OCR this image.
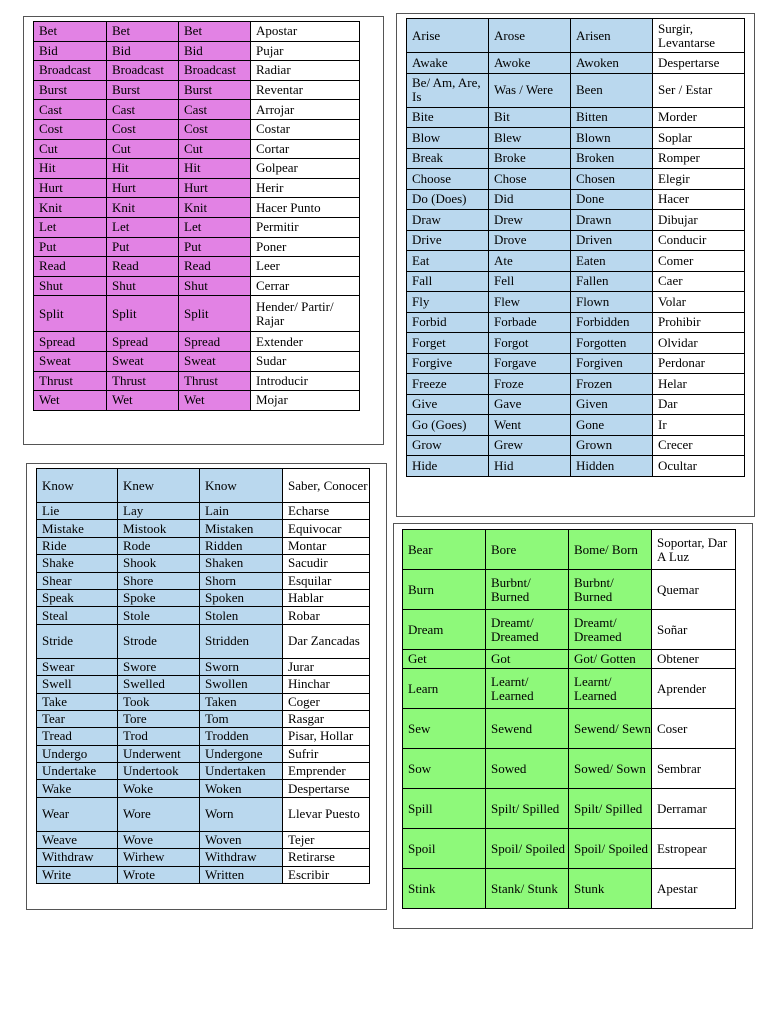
Bet	Bet	Bet	Apostar
Bid	Bid	Bid	Pujar
Broadcast	Broadcast	Broadcast	Radiar
Burst	Burst	Burst	Reventar
Cast	Cast	Cast	Arrojar
Cost	Cost	Cost	Costar
Cut	Cut	Cut	Cortar
Hit	Hit	Hit	Golpear
Hurt	Hurt	Hurt	Herir
Knit	Knit	Knit	Hacer Punto
Let	Let	Let	Permitir
Put	Put	Put	Poner
Read	Read	Read	Leer
Shut	Shut	Shut	Cerrar
Split	Split	Split	Hender/ Partir/ Rajar
Spread	Spread	Spread	Extender
Sweat	Sweat	Sweat	Sudar
Thrust	Thrust	Thrust	Introducir
Wet	Wet	Wet	Mojar
Arise	Arose	Arisen	Surgir, Levantarse
Awake	Awoke	Awoken	Despertarse
Be/ Am, Are, Is	Was / Were	Been	Ser / Estar
Bite	Bit	Bitten	Morder
Blow	Blew	Blown	Soplar
Break	Broke	Broken	Romper
Choose	Chose	Chosen	Elegir
Do (Does)	Did	Done	Hacer
Draw	Drew	Drawn	Dibujar
Drive	Drove	Driven	Conducir
Eat	Ate	Eaten	Comer
Fall	Fell	Fallen	Caer
Fly	Flew	Flown	Volar
Forbid	Forbade	Forbidden	Prohibir
Forget	Forgot	Forgotten	Olvidar
Forgive	Forgave	Forgiven	Perdonar
Freeze	Froze	Frozen	Helar
Give	Gave	Given	Dar
Go (Goes)	Went	Gone	Ir
Grow	Grew	Grown	Crecer
Hide	Hid	Hidden	Ocultar
Know	Knew	Know	Saber, Conocer
Lie	Lay	Lain	Echarse
Mistake	Mistook	Mistaken	Equivocar
Ride	Rode	Ridden	Montar
Shake	Shook	Shaken	Sacudir
Shear	Shore	Shorn	Esquilar
Speak	Spoke	Spoken	Hablar
Steal	Stole	Stolen	Robar
Stride	Strode	Stridden	Dar Zancadas
Swear	Swore	Sworn	Jurar
Swell	Swelled	Swollen	Hinchar
Take	Took	Taken	Coger
Tear	Tore	Tom	Rasgar
Tread	Trod	Trodden	Pisar, Hollar
Undergo	Underwent	Undergone	Sufrir
Undertake	Undertook	Undertaken	Emprender
Wake	Woke	Woken	Despertarse
Wear	Wore	Worn	Llevar Puesto
Weave	Wove	Woven	Tejer
Withdraw	Wirhew	Withdraw	Retirarse
Write	Wrote	Written	Escribir
Bear	Bore	Bome/ Born	Soportar, Dar A Luz
Burn	Burbnt/ Burned	Burbnt/ Burned	Quemar
Dream	Dreamt/ Dreamed	Dreamt/ Dreamed	Soñar
Get	Got	Got/ Gotten	Obtener
Learn	Learnt/ Learned	Learnt/ Learned	Aprender
Sew	Sewend	Sewend/ Sewn	Coser
Sow	Sowed	Sowed/ Sown	Sembrar
Spill	Spilt/ Spilled	Spilt/ Spilled	Derramar
Spoil	Spoil/ Spoiled	Spoil/ Spoiled	Estropear
Stink	Stank/ Stunk	Stunk	Apestar
